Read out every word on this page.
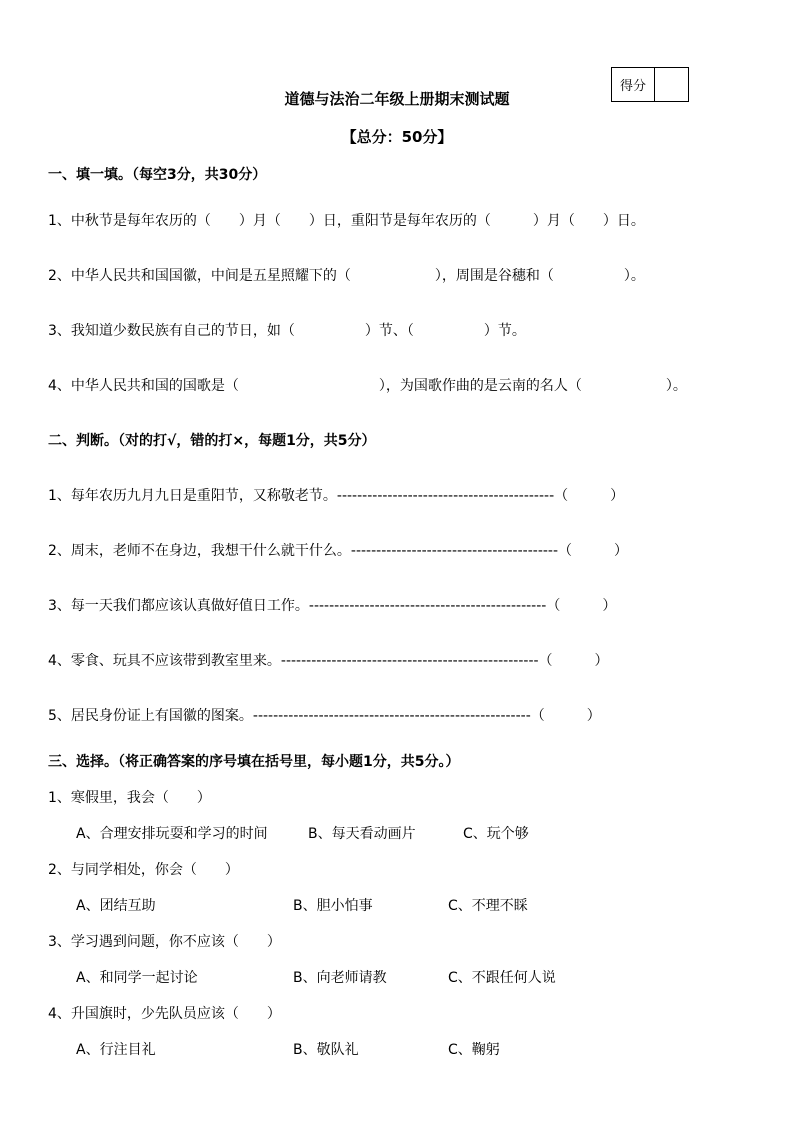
得分
道德与法治二年级上册期末测试题
【总分：50分】
一、填一填。（每空3分，共30分）
1、中秋节是每年农历的（　　）月（　　）日，重阳节是每年农历的（　　　）月（　　）日。
2、中华人民共和国国徽，中间是五星照耀下的（　　　　　　），周围是谷穗和（　　　　　）。
3、我知道少数民族有自己的节日，如（　　　　　）节、（　　　　　）节。
4、中华人民共和国的国歌是（　　　　　　　　　　），为国歌作曲的是云南的名人（　　　　　　）。
二、判断。（对的打√，错的打×，每题1分，共5分）
1、每年农历九月九日是重阳节，又称敬老节。-------------------------------------------（　　　）
2、周末，老师不在身边，我想干什么就干什么。-----------------------------------------（　　　）
3、每一天我们都应该认真做好值日工作。-----------------------------------------------（　　　）
4、零食、玩具不应该带到教室里来。---------------------------------------------------（　　　）
5、居民身份证上有国徽的图案。-------------------------------------------------------（　　　）
三、选择。（将正确答案的序号填在括号里，每小题1分，共5分。）
1、寒假里，我会（　　）
A、合理安排玩耍和学习的时间	B、每天看动画片	C、玩个够
2、与同学相处，你会（　　）
A、团结互助	B、胆小怕事	C、不理不睬
3、学习遇到问题，你不应该（　　）
A、和同学一起讨论	B、向老师请教	C、不跟任何人说
4、升国旗时，少先队员应该（　　）
A、行注目礼	B、敬队礼	C、鞠躬
